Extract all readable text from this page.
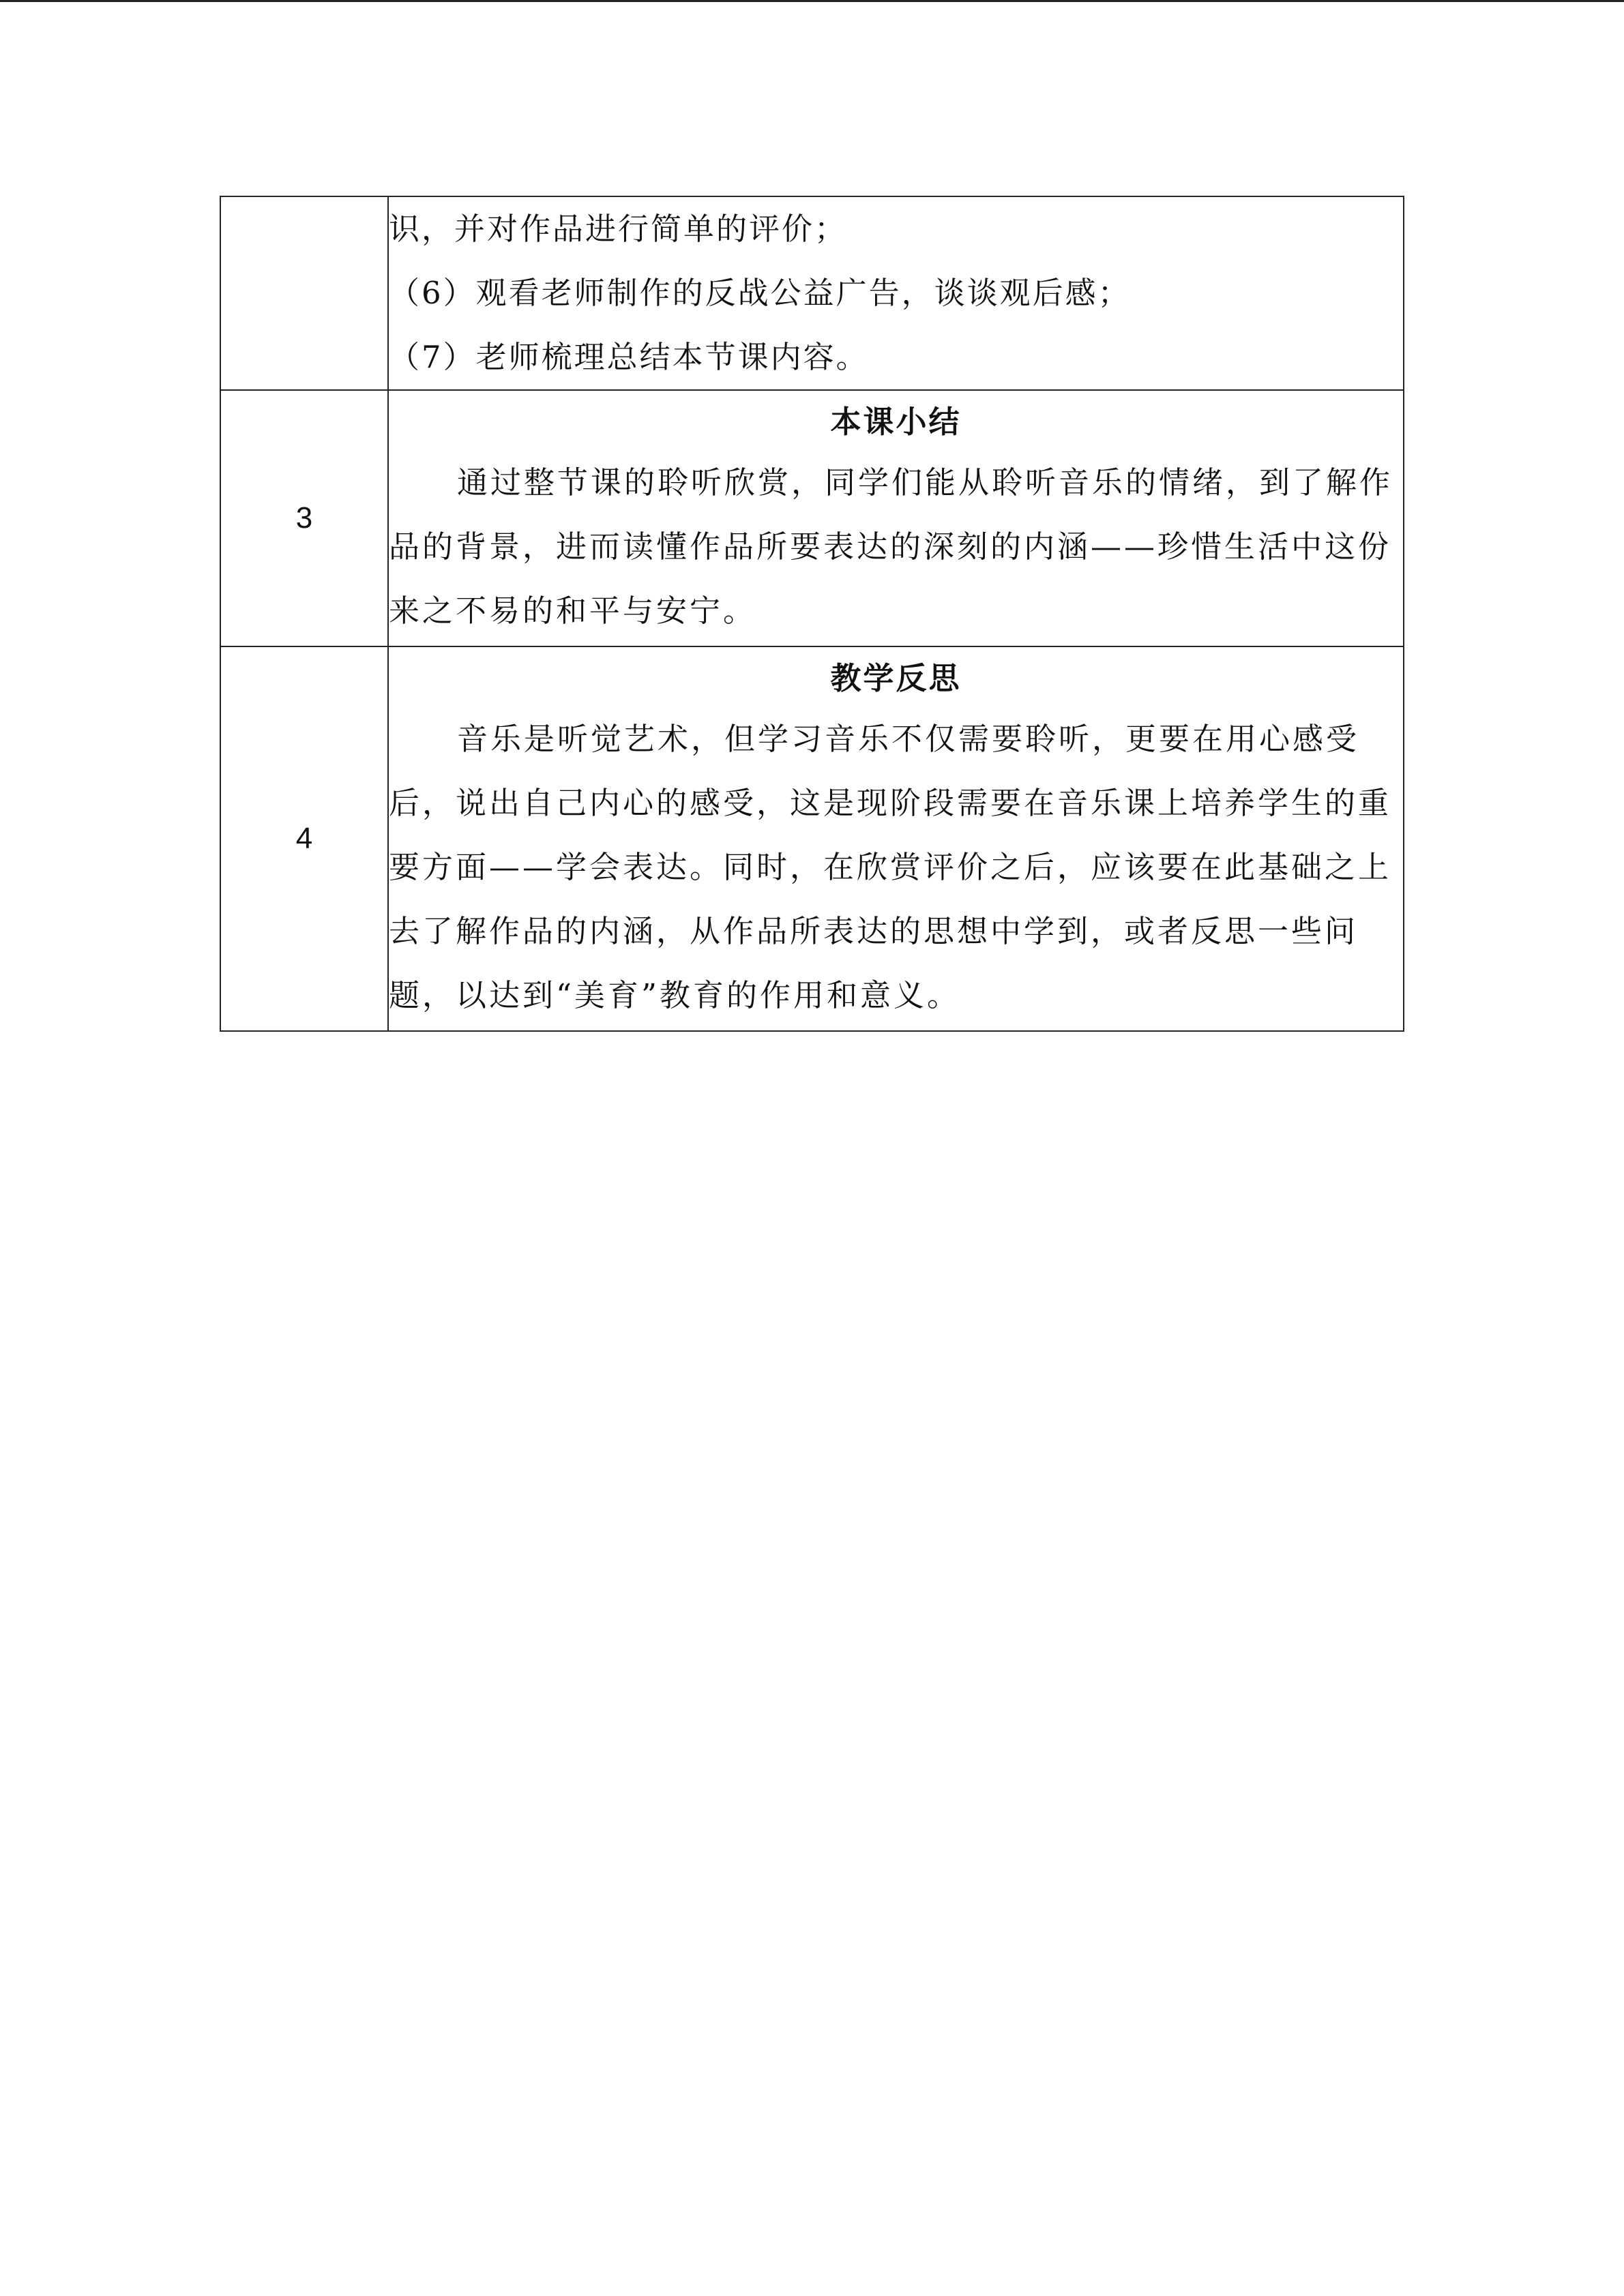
	识，并对作品进行简单的评价；
（6）观看老师制作的反战公益广告，谈谈观后感；
（7）老师梳理总结本节课内容。

3	本课小结
通过整节课的聆听欣赏，同学们能从聆听音乐的情绪，到了解作品的背景，进而读懂作品所要表达的深刻的内涵——珍惜生活中这份来之不易的和平与安宁。

4	教学反思
音乐是听觉艺术，但学习音乐不仅需要聆听，更要在用心感受后，说出自己内心的感受，这是现阶段需要在音乐课上培养学生的重要方面——学会表达。同时，在欣赏评价之后，应该要在此基础之上去了解作品的内涵，从作品所表达的思想中学到，或者反思一些问题，以达到“美育”教育的作用和意义。
